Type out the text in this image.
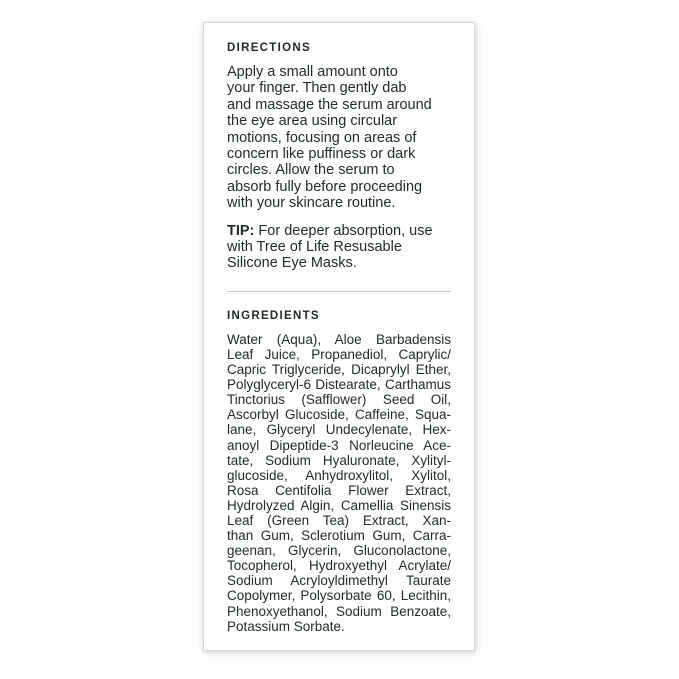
DIRECTIONS
Apply a small amount onto
your finger. Then gently dab
and massage the serum around
the eye area using circular
motions, focusing on areas of
concern like puffiness or dark
circles. Allow the serum to
absorb fully before proceeding
with your skincare routine.
TIP: For deeper absorption, use
with Tree of Life Resusable
Silicone Eye Masks.
INGREDIENTS
Water (Aqua), Aloe Barbadensis
Leaf Juice, Propanediol, Caprylic/
Capric Triglyceride, Dicaprylyl Ether,
Polyglyceryl-6 Distearate, Carthamus
Tinctorius (Safflower) Seed Oil,
Ascorbyl Glucoside, Caffeine, Squa-
lane, Glyceryl Undecylenate, Hex-
anoyl Dipeptide-3 Norleucine Ace-
tate, Sodium Hyaluronate, Xylityl-
glucoside, Anhydroxylitol, Xylitol,
Rosa Centifolia Flower Extract,
Hydrolyzed Algin, Camellia Sinensis
Leaf (Green Tea) Extract, Xan-
than Gum, Sclerotium Gum, Carra-
geenan, Glycerin, Gluconolactone,
Tocopherol, Hydroxyethyl Acrylate/
Sodium Acryloyldimethyl Taurate
Copolymer, Polysorbate 60, Lecithin,
Phenoxyethanol, Sodium Benzoate,
Potassium Sorbate.
